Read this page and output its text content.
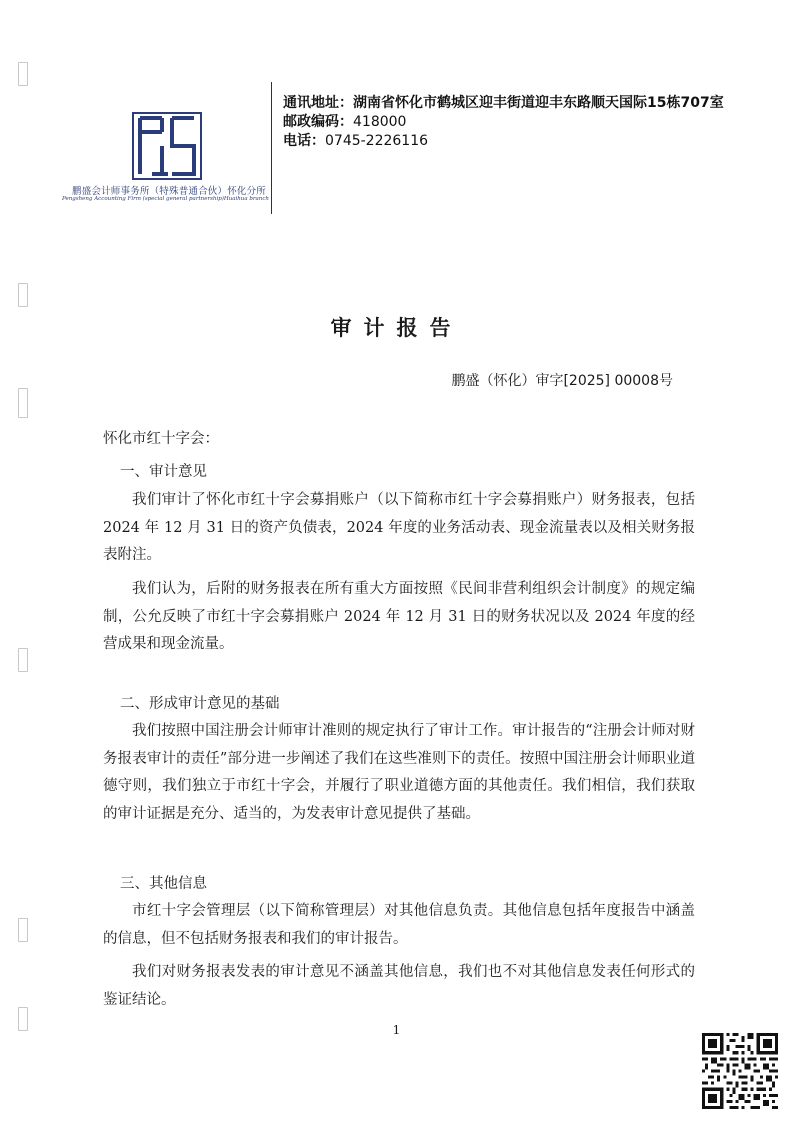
鹏盛会计师事务所（特殊普通合伙）怀化分所
Pengsheng Accounting Firm (special general partnership)Huaihua branch
通讯地址：湖南省怀化市鹤城区迎丰街道迎丰东路顺天国际15栋707室
邮政编码：418000
电话：0745-2226116
审计报告
鹏盛（怀化）审字[2025] 00008号
怀化市红十字会：
一、审计意见

我们审计了怀化市红十字会募捐账户（以下简称市红十字会募捐账户）财务报表，包括 2024 年 12 月 31 日的资产负债表，2024 年度的业务活动表、现金流量表以及相关财务报表附注。

我们认为，后附的财务报表在所有重大方面按照《民间非营利组织会计制度》的规定编制，公允反映了市红十字会募捐账户 2024 年 12 月 31 日的财务状况以及 2024 年度的经营成果和现金流量。

二、形成审计意见的基础

我们按照中国注册会计师审计准则的规定执行了审计工作。审计报告的“注册会计师对财务报表审计的责任”部分进一步阐述了我们在这些准则下的责任。按照中国注册会计师职业道德守则，我们独立于市红十字会，并履行了职业道德方面的其他责任。我们相信，我们获取的审计证据是充分、适当的，为发表审计意见提供了基础。

三、其他信息

市红十字会管理层（以下简称管理层）对其他信息负责。其他信息包括年度报告中涵盖的信息，但不包括财务报表和我们的审计报告。

我们对财务报表发表的审计意见不涵盖其他信息，我们也不对其他信息发表任何形式的鉴证结论。

1
